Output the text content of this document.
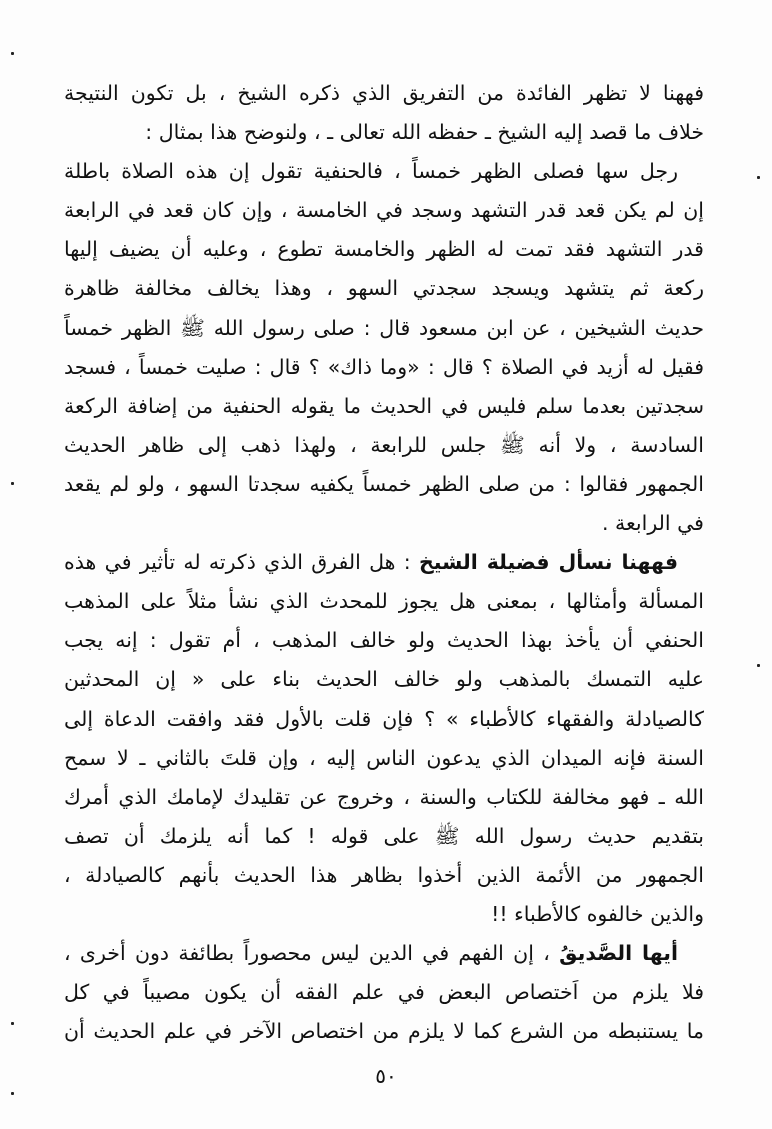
فههنا لا تظهر الفائدة من التفريق الذي ذكره الشيخ ، بل تكون النتيجة
خلاف ما قصد إليه الشيخ ـ حفظه الله تعالى ـ ، ولنوضح هذا بمثال :
رجل سها فصلى الظهر خمساً ، فالحنفية تقول إن هذه الصلاة باطلة
إن لم يكن قعد قدر التشهد وسجد في الخامسة ، وإن كان قعد في الرابعة
قدر التشهد فقد تمت له الظهر والخامسة تطوع ، وعليه أن يضيف إليها
ركعة ثم يتشهد ويسجد سجدتي السهو ، وهذا يخالف مخالفة ظاهرة
حديث الشيخين ، عن ابن مسعود قال : صلى رسول الله ﷺ الظهر خمساً
فقيل له أزيد في الصلاة ؟ قال : «وما ذاك» ؟ قال : صليت خمساً ، فسجد
سجدتين بعدما سلم فليس في الحديث ما يقوله الحنفية من إضافة الركعة
السادسة ، ولا أنه ﷺ جلس للرابعة ، ولهذا ذهب إلى ظاهر الحديث
الجمهور فقالوا : من صلى الظهر خمساً يكفيه سجدتا السهو ، ولو لم يقعد
في الرابعة .
فههنا نسأل فضيلة الشيخ : هل الفرق الذي ذكرته له تأثير في هذه
المسألة وأمثالها ، بمعنى هل يجوز للمحدث الذي نشأ مثلاً على المذهب
الحنفي أن يأخذ بهذا الحديث ولو خالف المذهب ، أم تقول : إنه يجب
عليه التمسك بالمذهب ولو خالف الحديث بناء على « إن المحدثين
كالصيادلة والفقهاء كالأطباء » ؟ فإن قلت بالأول فقد وافقت الدعاة إلى
السنة فإنه الميدان الذي يدعون الناس إليه ، وإن قلتَ بالثاني ـ لا سمح
الله ـ فهو مخالفة للكتاب والسنة ، وخروج عن تقليدك لإمامك الذي أمرك
بتقديم حديث رسول الله ﷺ على قوله ! كما أنه يلزمك أن تصف
الجمهور من الأئمة الذين أخذوا بظاهر هذا الحديث بأنهم كالصيادلة ،
والذين خالفوه كالأطباء !!
أيها الصَّديقُ ، إن الفهم في الدين ليس محصوراً بطائفة دون أخرى ،
فلا يلزم من اَختصاص البعض في علم الفقه أن يكون مصيباً في كل
ما يستنبطه من الشرع كما لا يلزم من اختصاص الآخر في علم الحديث أن
٥٠
